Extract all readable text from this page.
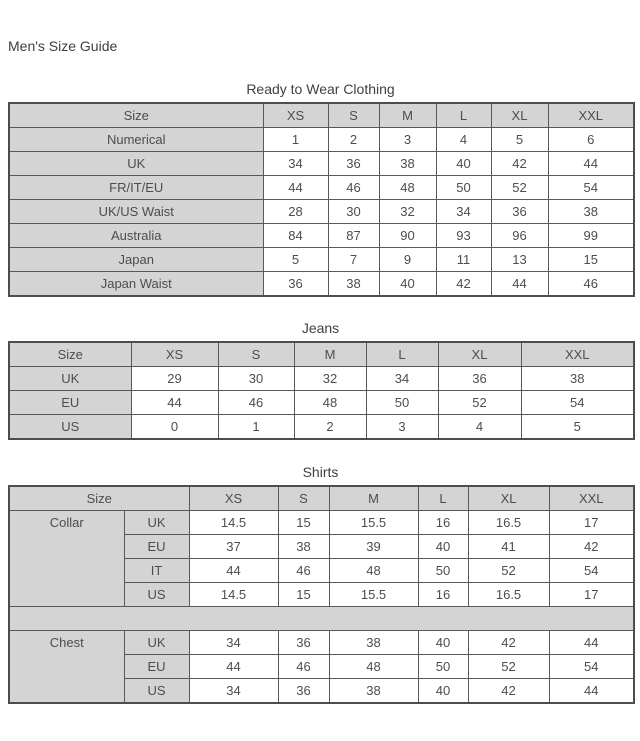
Men's Size Guide
Ready to Wear Clothing
Size	XS	S	M	L	XL	XXL
Numerical	1	2	3	4	5	6
UK	34	36	38	40	42	44
FR/IT/EU	44	46	48	50	52	54
UK/US Waist	28	30	32	34	36	38
Australia	84	87	90	93	96	99
Japan	5	7	9	11	13	15
Japan Waist	36	38	40	42	44	46
Jeans
Size	XS	S	M	L	XL	XXL
UK	29	30	32	34	36	38
EU	44	46	48	50	52	54
US	0	1	2	3	4	5
Shirts
Size		XS	S	M	L	XL	XXL
Collar	UK	14.5	15	15.5	16	16.5	17
	EU	37	38	39	40	41	42
	IT	44	46	48	50	52	54
	US	14.5	15	15.5	16	16.5	17

Chest	UK	34	36	38	40	42	44
	EU	44	46	48	50	52	54
	US	34	36	38	40	42	44
